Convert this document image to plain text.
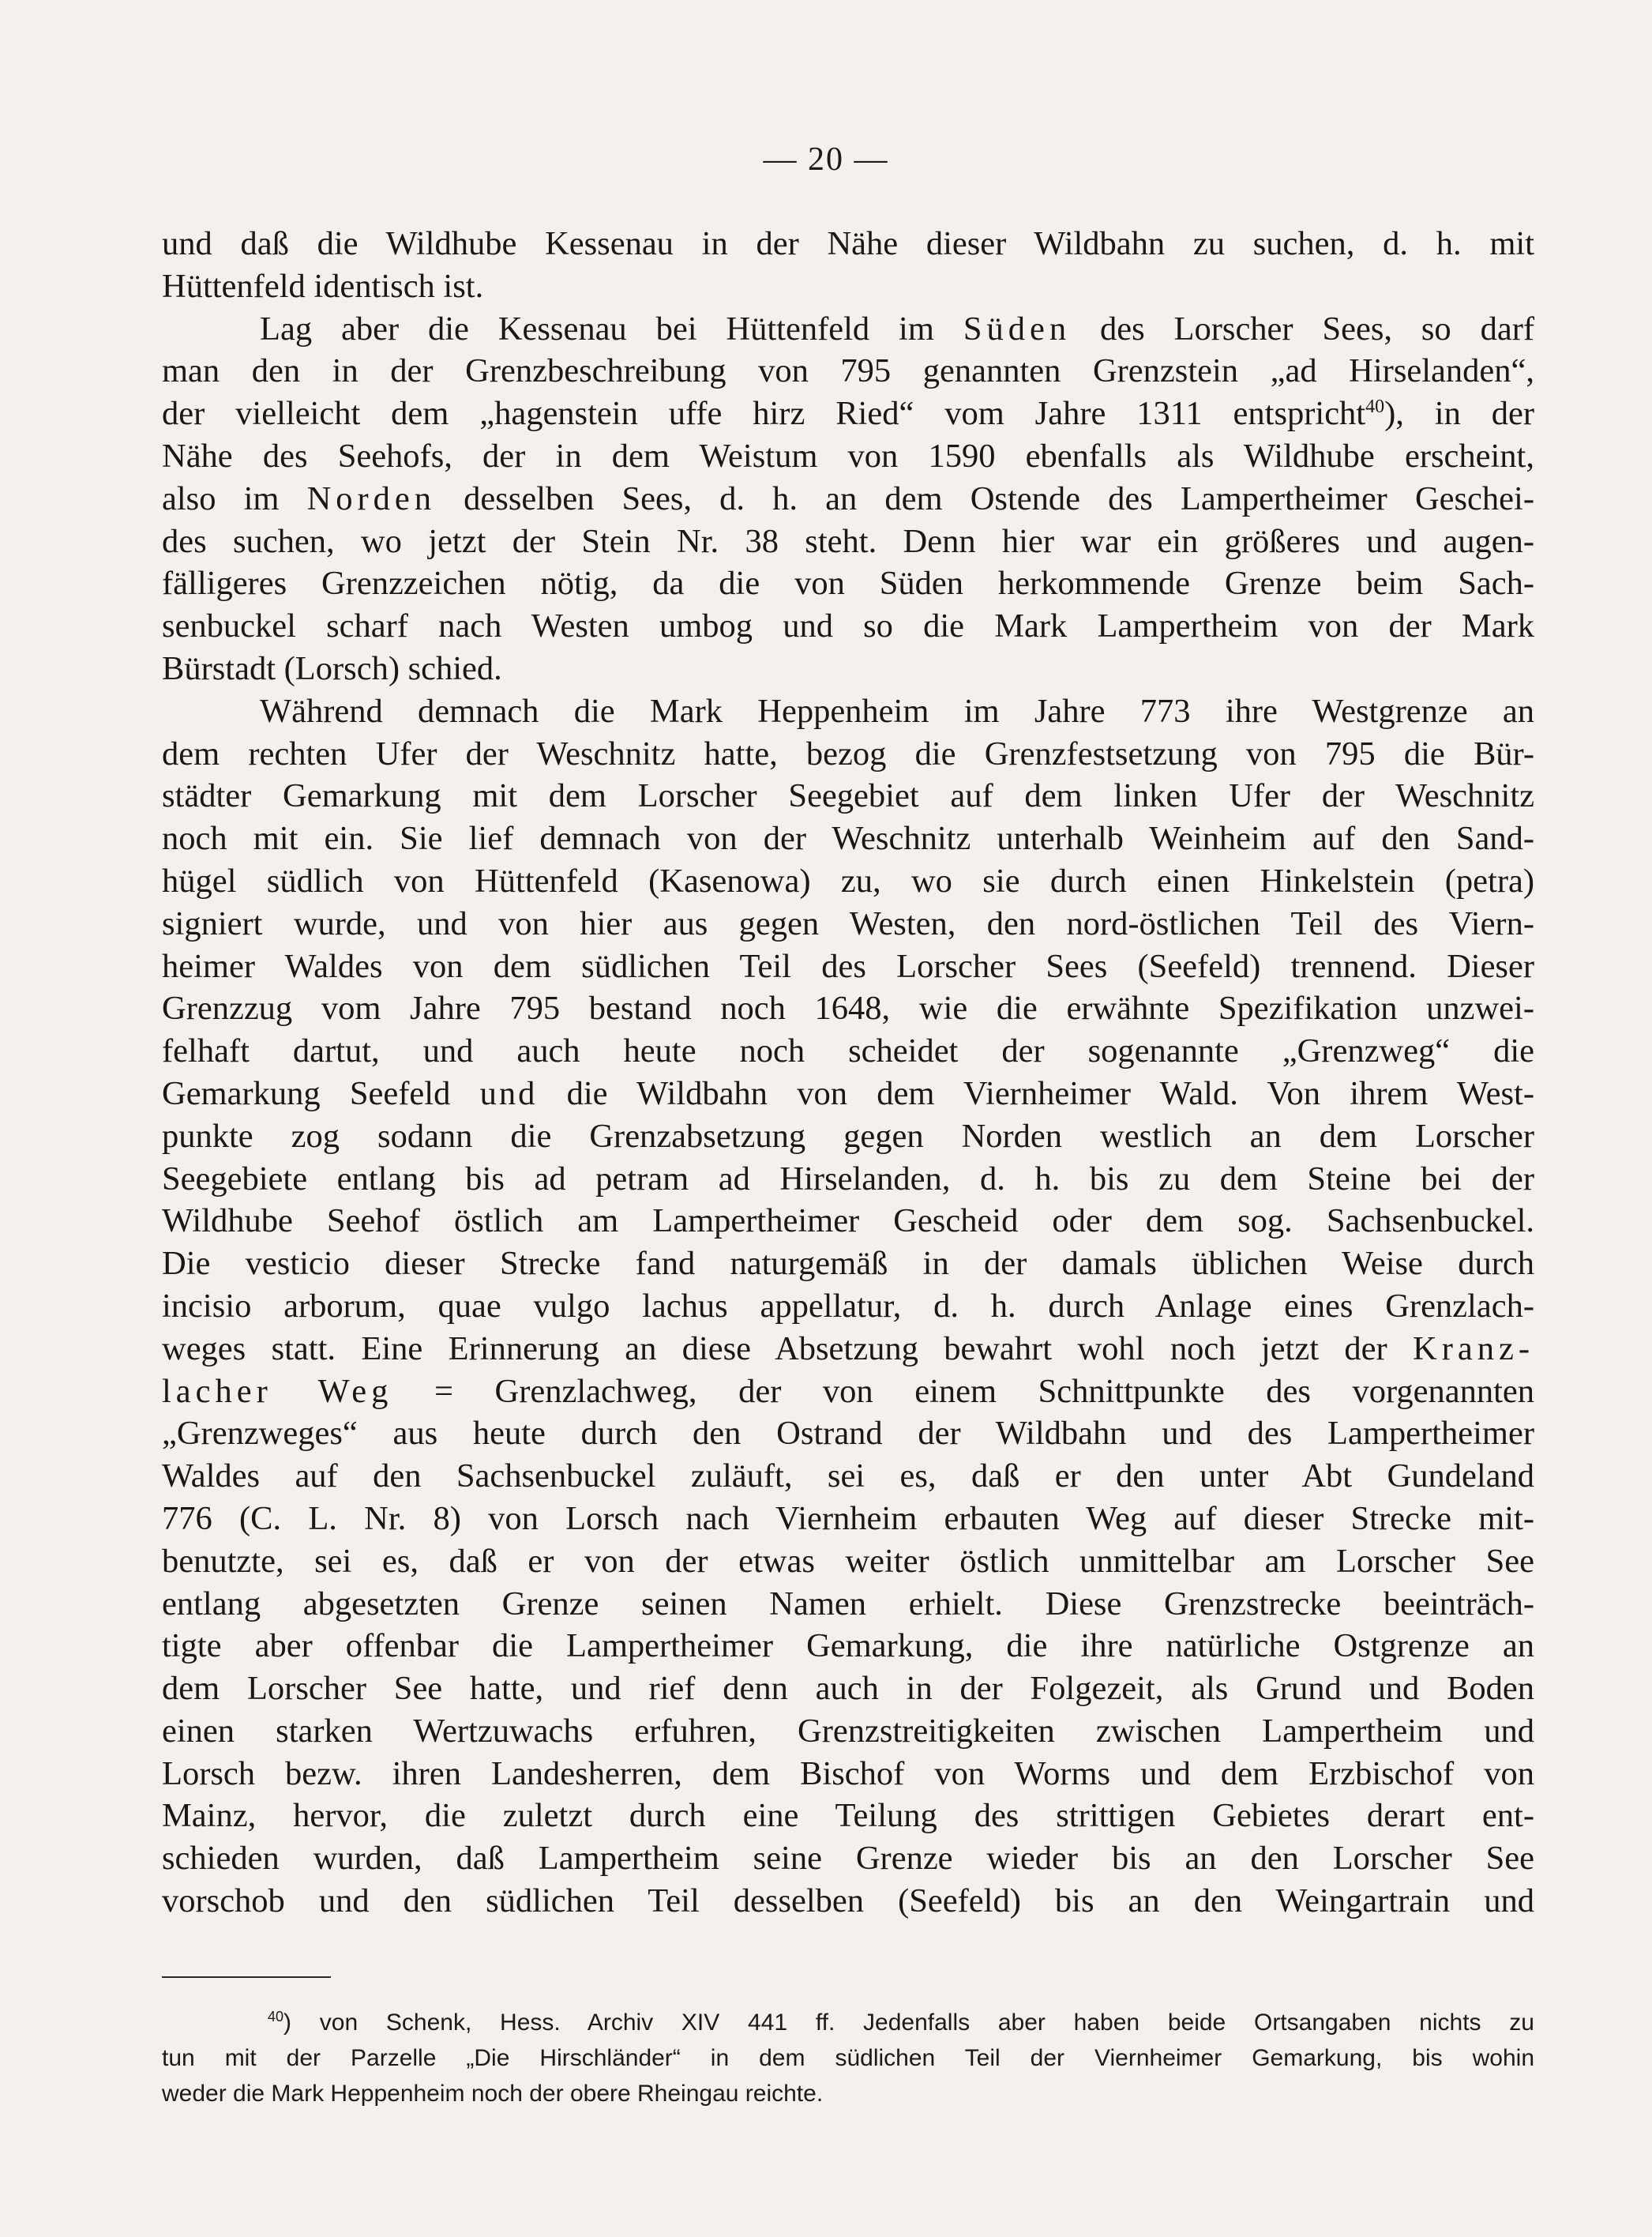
— 20 —
und daß die Wildhube Kessenau in der Nähe dieser Wildbahn zu suchen, d. h. mit
Hüttenfeld identisch ist.
Lag aber die Kessenau bei Hüttenfeld im Süden des Lorscher Sees, so darf
man den in der Grenzbeschreibung von 795 genannten Grenzstein „ad Hirselanden“,
der vielleicht dem „hagenstein uffe hirz Ried“ vom Jahre 1311 entspricht$^{40}$), in der
Nähe des Seehofs, der in dem Weistum von 1590 ebenfalls als Wildhube erscheint,
also im Norden desselben Sees, d. h. an dem Ostende des Lampertheimer Geschei-
des suchen, wo jetzt der Stein Nr. 38 steht. Denn hier war ein größeres und augen-
fälligeres Grenzzeichen nötig, da die von Süden herkommende Grenze beim Sach-
senbuckel scharf nach Westen umbog und so die Mark Lampertheim von der Mark
Bürstadt (Lorsch) schied.
Während demnach die Mark Heppenheim im Jahre 773 ihre Westgrenze an
dem rechten Ufer der Weschnitz hatte, bezog die Grenzfestsetzung von 795 die Bür-
städter Gemarkung mit dem Lorscher Seegebiet auf dem linken Ufer der Weschnitz
noch mit ein. Sie lief demnach von der Weschnitz unterhalb Weinheim auf den Sand-
hügel südlich von Hüttenfeld (Kasenowa) zu, wo sie durch einen Hinkelstein (petra)
signiert wurde, und von hier aus gegen Westen, den nord-östlichen Teil des Viern-
heimer Waldes von dem südlichen Teil des Lorscher Sees (Seefeld) trennend. Dieser
Grenzzug vom Jahre 795 bestand noch 1648, wie die erwähnte Spezifikation unzwei-
felhaft dartut, und auch heute noch scheidet der sogenannte „Grenzweg“ die
Gemarkung Seefeld und die Wildbahn von dem Viernheimer Wald. Von ihrem West-
punkte zog sodann die Grenzabsetzung gegen Norden westlich an dem Lorscher
Seegebiete entlang bis ad petram ad Hirselanden, d. h. bis zu dem Steine bei der
Wildhube Seehof östlich am Lampertheimer Gescheid oder dem sog. Sachsenbuckel.
Die vesticio dieser Strecke fand naturgemäß in der damals üblichen Weise durch
incisio arborum, quae vulgo lachus appellatur, d. h. durch Anlage eines Grenzlach-
weges statt. Eine Erinnerung an diese Absetzung bewahrt wohl noch jetzt der Kranz-
lacher Weg = Grenzlachweg, der von einem Schnittpunkte des vorgenannten
„Grenzweges“ aus heute durch den Ostrand der Wildbahn und des Lampertheimer
Waldes auf den Sachsenbuckel zuläuft, sei es, daß er den unter Abt Gundeland
776 (C. L. Nr. 8) von Lorsch nach Viernheim erbauten Weg auf dieser Strecke mit-
benutzte, sei es, daß er von der etwas weiter östlich unmittelbar am Lorscher See
entlang abgesetzten Grenze seinen Namen erhielt. Diese Grenzstrecke beeinträch-
tigte aber offenbar die Lampertheimer Gemarkung, die ihre natürliche Ostgrenze an
dem Lorscher See hatte, und rief denn auch in der Folgezeit, als Grund und Boden
einen starken Wertzuwachs erfuhren, Grenzstreitigkeiten zwischen Lampertheim und
Lorsch bezw. ihren Landesherren, dem Bischof von Worms und dem Erzbischof von
Mainz, hervor, die zuletzt durch eine Teilung des strittigen Gebietes derart ent-
schieden wurden, daß Lampertheim seine Grenze wieder bis an den Lorscher See
vorschob und den südlichen Teil desselben (Seefeld) bis an den Weingartrain und
$^{40}$) von Schenk, Hess. Archiv XIV 441 ff. Jedenfalls aber haben beide Ortsangaben nichts zu
tun mit der Parzelle „Die Hirschländer“ in dem südlichen Teil der Viernheimer Gemarkung, bis wohin
weder die Mark Heppenheim noch der obere Rheingau reichte.
